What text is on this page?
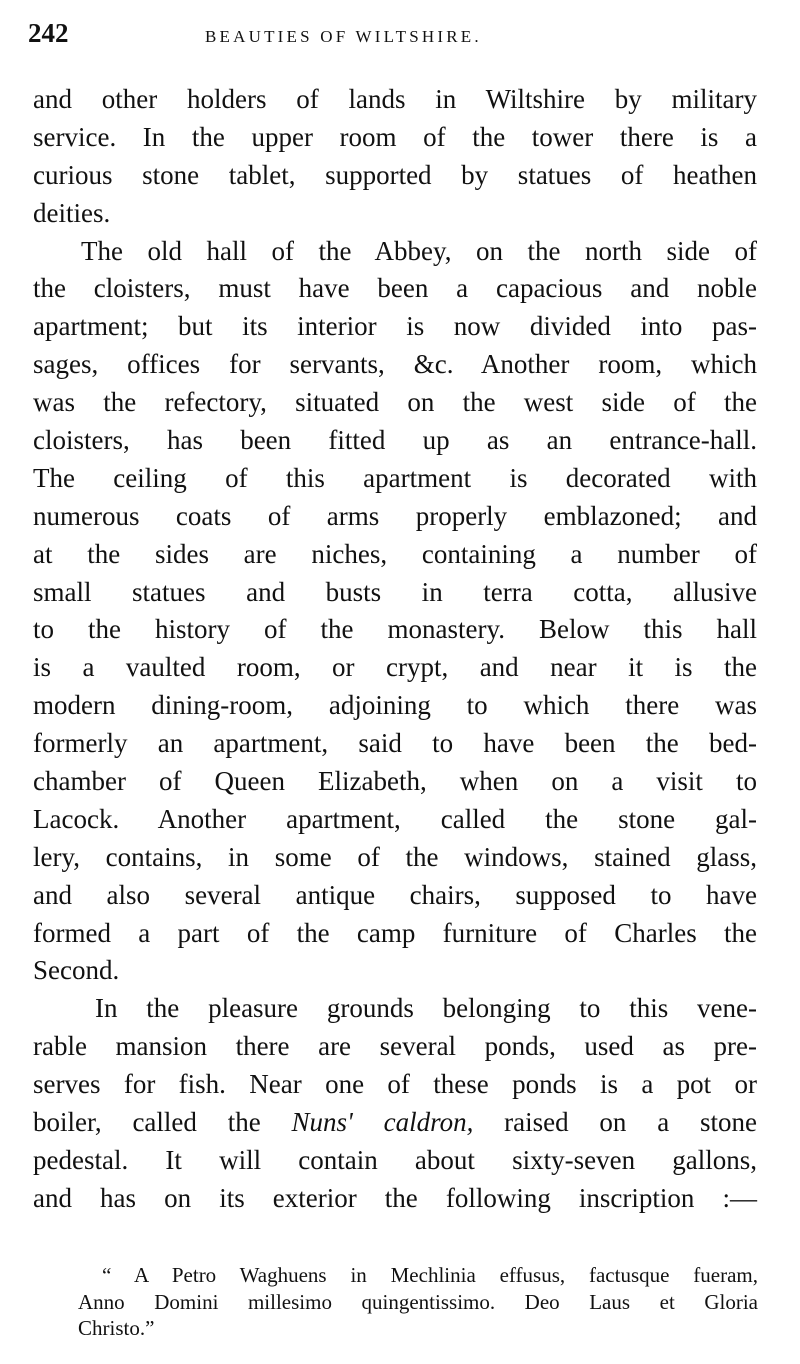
242	BEAUTIES OF WILTSHIRE.
and other holders of lands in Wiltshire by military
service. In the upper room of the tower there is a
curious stone tablet, supported by statues of heathen
deities.
The old hall of the Abbey, on the north side of
the cloisters, must have been a capacious and noble
apartment; but its interior is now divided into pas-
sages, offices for servants, &c. Another room, which
was the refectory, situated on the west side of the
cloisters, has been fitted up as an entrance-hall.
The ceiling of this apartment is decorated with
numerous coats of arms properly emblazoned; and
at the sides are niches, containing a number of
small statues and busts in terra cotta, allusive
to the history of the monastery. Below this hall
is a vaulted room, or crypt, and near it is the
modern dining-room, adjoining to which there was
formerly an apartment, said to have been the bed-
chamber of Queen Elizabeth, when on a visit to
Lacock. Another apartment, called the stone gal-
lery, contains, in some of the windows, stained glass,
and also several antique chairs, supposed to have
formed a part of the camp furniture of Charles the
Second.
In the pleasure grounds belonging to this vene-
rable mansion there are several ponds, used as pre-
serves for fish. Near one of these ponds is a pot or
boiler, called the Nuns' caldron, raised on a stone
pedestal. It will contain about sixty-seven gallons,
and has on its exterior the following inscription :—
“ A Petro Waghuens in Mechlinia effusus, factusque fueram,
Anno Domini millesimo quingentissimo. Deo Laus et Gloria
Christo.”
